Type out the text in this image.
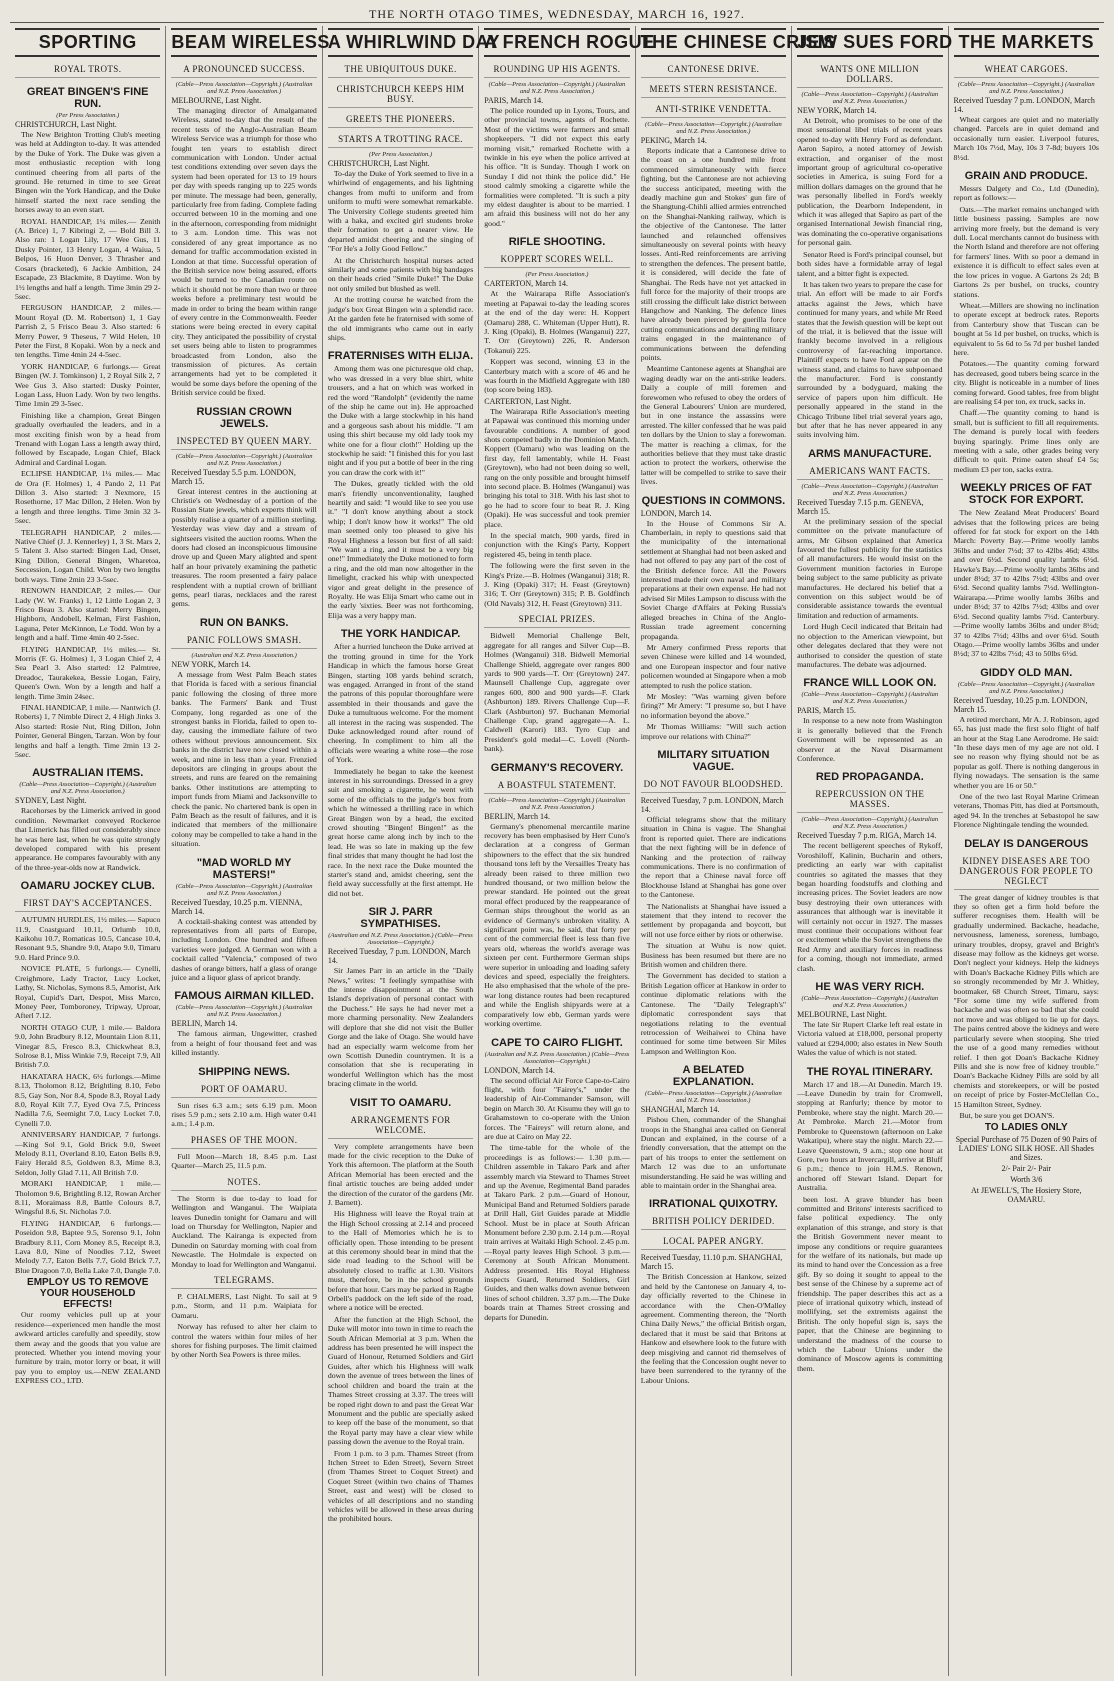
THE NORTH OTAGO TIMES, WEDNESDAY, MARCH 16, 1927.
SPORTING
ROYAL TROTS.
GREAT BINGEN'S FINE RUN.
(Per Press Association.)
CHRISTCHURCH, Last Night.

The New Brighton Trotting Club's meeting was held at Addington to-day. It was attended by the Duke of York. The Duke was given a most enthusiastic reception with long continued cheering from all parts of the ground. He returned in time to see Great Bingen win the York Handicap, and the Duke himself started the next race sending the horses away to an even start.

ROYAL HANDICAP, 1¼ miles.— Zenith (A. Brice) 1, 7 Kibringi 2, — Bold Bill 3. Also ran: 1 Logan Lily, 17 Wee Gus, 11 Dusky Pointer, 13 Henry Logan, 4 Waiua, 5 Belpos, 16 Huon Denver, 3 Thrasher and Cosars (bracketed), 6 Jackie Ambition, 24 Escapade, 23 Blackmite, 8 Daytime. Won by 1½ lengths and half a length. Time 3min 29 2-5sec.

FERGUSON HANDICAP, 2 miles.— Mount Royal (D. M. Robertson) 1, 1 Gay Parrish 2, 5 Frisco Beau 3. Also started: 6 Merry Power, 9 Theseus, 7 Wild Helen, 10 Peter the First, 8 Kopaki. Won by a neck and ten lengths. Time 4min 24 4-5sec.

YORK HANDICAP, 6 furlongs.— Great Bingen (W. J. Tomkinson) 1, 2 Royal Silk 2, 7 Wee Gus 3. Also started: Dusky Pointer, Logan Lass, Huon Lady. Won by two lengths. Time 1min 29 3-5sec.

Finishing like a champion, Great Bingen gradually overhauled the leaders, and in a most exciting finish won by a head from Trenand with Logan Lass a length away third, followed by Escapade, Logan Chief, Black Admiral and Cardinal Logan.

ECLIPSE HANDICAP, 1¼ miles.— Mac de Ora (F. Holmes) 1, 4 Pando 2, 11 Pat Dillon 3. Also started: 3 Nexmore, 15 Rosethorne, 17 Mac Dillon, 2 Helen. Won by a length and three lengths. Time 3min 32 3-5sec.

TELEGRAPH HANDICAP, 2 miles.— Native Chief (J. J. Kennerley) 1, 3 St. Mars 2, 5 Talent 3. Also started: Bingen Lad, Onset, King Dillon, General Bingen, Wharetoa, Seccession, Logan Child. Won by two lengths both ways. Time 2min 23 3-5sec.

RENOWN HANDICAP, 2 miles.— Our Lady (W. W. Franks) 1, 12 Little Logan 2, 3 Frisco Beau 3. Also started: Merry Bingen, Highborn, Andobell, Kelman, First Fashion, Laguna, Peter McKinnon, Le Todd. Won by a length and a half. Time 4min 40 2-5sec.

FLYING HANDICAP, 1½ miles.— St. Morris (F. G. Holmes) 1, 3 Logan Chief 2, 4 Sea Pearl 3. Also started: 12 Palmtree, Dreadoc, Taurakekea, Bessie Logan, Fairy, Queen's Own. Won by a length and half a length. Time 3min 24sec.

FINAL HANDICAP, 1 mile.— Nantwich (J. Roberts) 1, 7 Nimble Direct 2, 4 High Jinks 3. Also started: Rosie Nut, Ring Dillon, John Pointer, General Bingen, Tarzan. Won by four lengths and half a length. Time 2min 13 2-5sec.

AUSTRALIAN ITEMS.
(Cable—Press Association—Copyright.) (Australian and N.Z. Press Association.)
SYDNEY, Last Night.

Racehorses by the Limerick arrived in good condition. Newmarket conveyed Rockeroe that Limerick has filled out considerably since he was here last, when he was quite strongly developed compared with his present appearance. He compares favourably with any of the three-year-olds now at Randwick.

OAMARU JOCKEY CLUB.
FIRST DAY'S ACCEPTANCES.

AUTUMN HURDLES, 1½ miles.— Sapuco 11.9, Coastguard 10.11, Orlumb 10.0, Kaikohu 10.7, Romaticas 10.5, Cancase 10.4, Resonant 9.5, Shandre 9.0, Atapo 9.0, Timaru 9.0. Hard Prince 9.0.

NOVICE PLATE, 5 furlongs.— Cynelli, Creighmore, Lady Tractor, Lucy Locket, Lathy, St. Nicholas, Symons 8.5, Amorist, Ark Royal, Cupid's Dart, Despot, Miss Marco, Money Peer, Tomboroney, Tripway, Uproar, Afterl 7.12.

NORTH OTAGO CUP, 1 mile.— Baldora 9.0, John Bradbury 8.12, Mountain Lion 8.11, Vinegar 8.5, Fresco 8.3, Chickwheat 8.3, Solrose 8.1, Miss Winkie 7.9, Receipt 7.9, All British 7.0.

HAKATARA HACK, 6½ furlongs.—Mime 8.13, Tholomon 8.12, Brightling 8.10, Febo 8.5, Gay Son, Nor 8.4, Spode 8.3, Royal Lady 8.0, Royal Kilt 7.7, Eyed Ova 7.5, Princess Nadilla 7.6, Seemight 7.0, Lucy Locket 7.0, Cynelli 7.0.

ANNIVERSARY HANDICAP, 7 furlongs.—King Sol 9.1, Gold Brick 9.0, Sweet Melody 8.11, Overland 8.10, Eaton Bells 8.9, Fairy Herald 8.5, Goldwen 8.3, Mime 8.3, Seldon, Jolly Glad 7.11, All British 7.0.

MORAKI HANDICAP, 1 mile.— Tholomon 9.6, Brightling 8.12, Rowan Archer 8.11, Moraimass 8.8, Battle Colours 8.7, Wingsful 8.6, St. Nicholas 7.0.

FLYING HANDICAP, 6 furlongs.— Poseidon 9.8, Baptee 9.5, Sorenso 9.1, John Bradbury 8.11, Corn Money 8.5, Receipt 8.3, Lava 8.0, Nine of Noodles 7.12, Sweet Melody 7.7, Eaton Bells 7.7, Gold Brick 7.7, Blue Dragoon 7.0, Bella Lake 7.0, Dangle 7.0.

EMPLOY US TO REMOVE YOUR HOUSEHOLD EFFECTS!

Our roomy vehicles pull up at your residence—experienced men handle the most awkward articles carefully and speedily, stow them away and the goods that you value are protected. Whether you intend moving your furniture by train, motor lorry or boat, it will pay you to employ us.—NEW ZEALAND EXPRESS CO., LTD.

BEAM WIRELESS
A PRONOUNCED SUCCESS.
(Cable—Press Association—Copyright.) (Australian and N.Z. Press Association.)
MELBOURNE, Last Night.

The managing director of Amalgamated Wireless, stated to-day that the result of the recent tests of the Anglo-Australian Beam Wireless Service was a triumph for those who fought ten years to establish direct communication with London. Under actual test conditions extending over seven days the system had been operated for 13 to 19 hours per day with speeds ranging up to 225 words per minute. The message had been, generally, particularly free from fading. Complete fading occurred between 10 in the morning and one in the afternoon, corresponding from midnight to 3 a.m. London time. This was not considered of any great importance as no demand for traffic accommodation existed in London at that time. Successful operation of the British service now being assured, efforts would be turned to the Canadian route on which it should not be more than two or three weeks before a preliminary test would be made in order to bring the beam within range of every centre in the Commonwealth. Feeder stations were being erected in every capital city. They anticipated the possibility of crystal set users being able to listen to programmes broadcasted from London, also the transmission of pictures. As certain arrangements had yet to be completed it would be some days before the opening of the British service could be fixed.

RUSSIAN CROWN JEWELS.
INSPECTED BY QUEEN MARY.
(Cable—Press Association—Copyright.) (Australian and N.Z. Press Association.)
Received Tuesday 5.5 p.m. LONDON, March 15.

Great interest centres in the auctioning at Christie's on Wednesday of a portion of the Russian State jewels, which experts think will possibly realise a quarter of a million sterling. Yesterday was view day and a stream of sightseers visited the auction rooms. When the doors had closed an inconspicuous limousine drove up and Queen Mary alighted and spent half an hour privately examining the pathetic treasures. The room presented a fairy palace resplendent with a nuptial crown of brilliant gems, pearl tiaras, necklaces and the rarest gems.

RUN ON BANKS.
PANIC FOLLOWS SMASH.
(Australian and N.Z. Press Association.)
NEW YORK, March 14.

A message from West Palm Beach states that Florida is faced with a serious financial panic following the closing of three more banks. The Farmers' Bank and Trust Company, long regarded as one of the strongest banks in Florida, failed to open to-day, causing the immediate failure of two others without previous announcement. Six banks in the district have now closed within a week, and nine in less than a year. Frenzied depositors are clinging in groups about the streets, and runs are feared on the remaining banks. Other institutions are attempting to import funds from Miami and Jacksonville to check the panic. No chartered bank is open in Palm Beach as the result of failures, and it is indicated that members of the millionaire colony may be compelled to take a hand in the situation.

"MAD WORLD MY MASTERS!"
(Cable—Press Association—Copyright.) (Australian and N.Z. Press Association.)
Received Tuesday, 10.25 p.m. VIENNA, March 14.

A cocktail-shaking contest was attended by representatives from all parts of Europe, including London. One hundred and fifteen varieties were judged. A German won with a cocktail called "Valencia," composed of two dashes of orange bitters, half a glass of orange juice and a liquor glass of apricot brandy.

FAMOUS AIRMAN KILLED.
(Cable—Press Association—Copyright.) (Australian and N.Z. Press Association.)
BERLIN, March 14.

The famous airman, Ungewitter, crashed from a height of four thousand feet and was killed instantly.

SHIPPING NEWS.
PORT OF OAMARU.

Sun rises 6.3 a.m.; sets 6.19 p.m. Moon rises 5.9 p.m.; sets 2.10 a.m. High water 0.41 a.m.; 1.4 p.m.

PHASES OF THE MOON.

Full Moon—March 18, 8.45 p.m. Last Quarter—March 25, 11.5 p.m.

NOTES.

The Storm is due to-day to load for Wellington and Wanganui. The Waipiata leaves Dunedin tonight for Oamaru and will load on Thursday for Wellington, Napier and Auckland. The Kairanga is expected from Dunedin on Saturday morning with coal from Newcastle. The Holmdale is expected on Monday to load for Wellington and Wanganui.

TELEGRAMS.

P. CHALMERS, Last Night. To sail at 9 p.m., Storm, and 11 p.m. Waipiata for Oamaru.

Norway has refused to alter her claim to control the waters within four miles of her shores for fishing purposes. The limit claimed by other North Sea Powers is three miles.

A WHIRLWIND DAY
THE UBIQUITOUS DUKE.
CHRISTCHURCH KEEPS HIM BUSY.
GREETS THE PIONEERS.
STARTS A TROTTING RACE.
(Per Press Association.)
CHRISTCHURCH, Last Night.

To-day the Duke of York seemed to live in a whirlwind of engagements, and his lightning changes from mufti to uniform and from uniform to mufti were somewhat remarkable. The University College students greeted him with a haka, and excited girl students broke their formation to get a nearer view. He departed amidst cheering and the singing of "For He's a Jolly Good Fellow."

At the Christchurch hospital nurses acted similarly and some patients with big bandages on their heads cried "Smile Duke!" The Duke not only smiled but blushed as well.

At the trotting course he watched from the judge's box Great Bingen win a splendid race. At the garden fete he fraternised with some of the old immigrants who came out in early ships.

FRATERNISES WITH ELIJA.

Among them was one picturesque old chap, who was dressed in a very blue shirt, white trousers, and a hat on which was worked in red the word "Randolph" (evidently the name of the ship he came out in). He approached the Duke with a large stockwhip in his hand and a gorgeous sash about his middle. "I am using this shirt because my old lady took my white one for a flour cloth!" Holding up the stockwhip he said: "I finished this for you last night and if you put a bottle of beer in the ring you can draw the cork with it!"

The Dukes, greatly tickled with the old man's friendly unconventionality, laughed heartily and said: "I would like to see you use it." "I don't know anything about a stock whip; I don't know how it works!" The old man seemed only too pleased to give his Royal Highness a lesson but first of all said: "We want a ring, and it must be a very big one!" Immediately the Duke motioned to form a ring, and the old man now altogether in the limelight, cracked his whip with unexpected vigor and great delight in the presence of Royalty. He was Elija Smart who came out in the early 'sixties. Beer was not forthcoming, Elija was a very happy man.

THE YORK HANDICAP.

After a hurried luncheon the Duke arrived at the trotting ground in time for the York Handicap in which the famous horse Great Bingen, starting 108 yards behind scratch, was engaged. Arranged in front of the stand the patrons of this popular thoroughfare were assembled in their thousands and gave the Duke a tumultuous welcome. For the moment all interest in the racing was suspended. The Duke acknowledged round after round of cheering. In compliment to him all the officials were wearing a white rose—the rose of York.

Immediately he began to take the keenest interest in his surroundings. Dressed in a grey suit and smoking a cigarette, he went with some of the officials to the judge's box from which he witnessed a thrilling race in which Great Bingen won by a head, the excited crowd shouting "Bingen! Bingen!" as the great horse came along inch by inch to the lead. He was so late in making up the few final strides that many thought he had lost the race. In the next race the Duke mounted the starter's stand and, amidst cheering, sent the field away successfully at the first attempt. He did not bet.

SIR J. PARR SYMPATHISES.
(Australian and N.Z. Press Association.) (Cable—Press Association—Copyright.)
Received Tuesday, 7 p.m. LONDON, March 14.

Sir James Parr in an article in the "Daily News," writes: "I feelingly sympathise with the intense disappointment at the South Island's deprivation of personal contact with the Duchess." He says he had never met a more charming personality. New Zealanders will deplore that she did not visit the Buller Gorge and the lake of Otago. She would have had an especially warm welcome from her own Scottish Dunedin countrymen. It is a consolation that she is recuperating in wonderful Wellington which has the most bracing climate in the world.

VISIT TO OAMARU.
ARRANGEMENTS FOR WELCOME.

Very complete arrangements have been made for the civic reception to the Duke of York this afternoon. The platform at the South African Memorial has been erected and the final artistic touches are being added under the direction of the curator of the gardens (Mr. J. Barnett).

His Highness will leave the Royal train at the High School crossing at 2.14 and proceed to the Hall of Memories which he is to officially open. Those intending to be present at this ceremony should bear in mind that the side road leading to the School will be absolutely closed to traffic at 1.30. Visitors must, therefore, be in the school grounds before that hour. Cars may be parked in Ragbe Orbell's paddock on the left side of the road, where a notice will be erected.

After the function at the High School, the Duke will motor into town in time to reach the South African Memorial at 3 p.m. When the address has been presented he will inspect the Guard of Honour, Returned Soldiers and Girl Guides, after which his Highness will walk down the avenue of trees between the lines of school children and board the train at the Thames Street crossing at 3.37. The trees will be roped right down to and past the Great War Monument and the public are specially asked to keep off the base of the monument, so that the Royal party may have a clear view while passing down the avenue to the Royal train.

From 1 p.m. to 3 p.m. Thames Street (from Itchen Street to Eden Street), Severn Street (from Thames Street to Coquet Street) and Coquet Street (within two chains of Thames Street, east and west) will be closed to vehicles of all descriptions and no standing vehicles will be allowed in these areas during the prohibited hours.

A FRENCH ROGUE
ROUNDING UP HIS AGENTS.
(Cable—Press Association—Copyright.) (Australian and N.Z. Press Association.)
PARIS, March 14.

The police rounded up in Lyons, Tours, and other provincial towns, agents of Rochette. Most of the victims were farmers and small shopkeepers. "I did not expect this early morning visit," remarked Rochette with a twinkle in his eye when the police arrived at his office. "It is Sunday. Though I work on Sunday I did not think the police did." He stood calmly smoking a cigarette while the formalities were completed. "It is such a pity my eldest daughter is about to be married. I am afraid this business will not do her any good."

RIFLE SHOOTING.
KOPPERT SCORES WELL.
(Per Press Association.)
CARTERTON, March 14.

At the Wairarapa Rifle Association's meeting at Papawai to-day the leading scores at the end of the day were: H. Koppert (Oamaru) 288, C. Whiteman (Upper Hutt), R. J. King (Opaki), B. Holmes (Wanganui) 227, T. Orr (Greytown) 226, R. Anderson (Tokanui) 225.

Koppert was second, winning £3 in the Canterbury match with a score of 46 and he was fourth in the Midfield Aggregate with 180 (top score being 183).

CARTERTON, Last Night.

The Wairarapa Rifle Association's meeting at Papawai was continued this morning under favourable conditions. A number of good shots competed badly in the Dominion Match. Koppert (Oamaru) who was leading on the first day, fell lamentably, while H. Feast (Greytown), who had not been doing so well, rang on the only possible and brought himself into second place. B. Holmes (Wanganui) was bringing his total to 318. With his last shot to go he had to score four to beat R. J. King (Opaki). He was successful and took premier place.

In the special match, 900 yards, fired in conjunction with the King's Party, Koppert registered 45, being in tenth place.

The following were the first seven in the King's Prize.—B. Holmes (Wanganui) 318; R. J. King (Opaki) 317; H. Feast (Greytown) 316; T. Orr (Greytown) 315; P. B. Goldfinch (Old Navals) 312, H. Feast (Greytown) 311.

SPECIAL PRIZES.

Bidwell Memorial Challenge Belt, aggregate for all ranges and Silver Cup—B. Holmes (Wanganui) 318. Bidwell Memorial Challenge Shield, aggregate over ranges 800 yards to 900 yards—T. Orr (Greytown) 247. Maunsell Challenge Cup, aggregate over ranges 600, 800 and 900 yards—F. Clark (Ashburton) 189. Rivers Challenge Cup—F. Clark (Ashburton) 97. Buchanan Memorial Challenge Cup, grand aggregate—A. L. Caldwell (Karori) 183. Tyro Cup and President's gold medal—C. Lovell (North-bank).

GERMANY'S RECOVERY.
A BOASTFUL STATEMENT.
(Cable—Press Association—Copyright.) (Australian and N.Z. Press Association.)
BERLIN, March 14.

Germany's phenomenal mercantile marine recovery has been emphasised by Herr Cuno's declaration at a congress of German shipowners to the effect that the six hundred thousand tons left by the Versailles Treaty has already been raised to three million two hundred thousand, or two million below the prewar standard. He pointed out the great moral effect produced by the reappearance of German ships throughout the world as an evidence of Germany's unbroken vitality. A significant point was, he said, that forty per cent of the commercial fleet is less than five years old, whereas the world's average was sixteen per cent. Furthermore German ships were superior in unloading and loading safety devices and speed, especially the freighters. He also emphasised that the whole of the pre-war long distance routes had been recaptured and while the English shipyards were at a comparatively low ebb, German yards were working overtime.

CAPE TO CAIRO FLIGHT.
(Australian and N.Z. Press Association.) (Cable—Press Association—Copyright.)
LONDON, March 14.

The second official Air Force Cape-to-Cairo flight, with four "Fairey's," under the leadership of Air-Commander Samson, will begin on March 30. At Kisumu they will go to Grahamstown to co-operate with the Union forces. The "Faireys" will return alone, and are due at Cairo on May 22.

The time-table for the whole of the proceedings is as follows:— 1.30 p.m.—Children assemble in Takaro Park and after assembly march via Steward to Thames Street and up the Avenue, Regimental Band parades at Takaro Park. 2 p.m.—Guard of Honour, Municipal Band and Returned Soldiers parade at Drill Hall, Girl Guides parade at Middle School. Must be in place at South African Monument before 2.30 p.m. 2.14 p.m.—Royal train arrives at Waitaki High School. 2.45 p.m.—Royal party leaves High School. 3 p.m.—Ceremony at South African Monument. Address presented. His Royal Highness inspects Guard, Returned Soldiers, Girl Guides, and then walks down avenue between lines of school children. 3.37 p.m.—The Duke boards train at Thames Street crossing and departs for Dunedin.

THE CHINESE CRISIS
CANTONESE DRIVE.
MEETS STERN RESISTANCE.
ANTI-STRIKE VENDETTA.
(Cable—Press Association—Copyright.) (Australian and N.Z. Press Association.)
PEKING, March 14.

Reports indicate that a Cantonese drive to the coast on a one hundred mile front commenced simultaneously with fierce fighting, but the Cantonese are not achieving the success anticipated, meeting with the deadly machine gun and Stokes' gun fire of the Shangtung-Chihli allied armies entrenched on the Shanghai-Nanking railway, which is the objective of the Cantonese. The latter launched and relaunched offensives simultaneously on several points with heavy losses. Anti-Red reinforcements are arriving to strengthen the defences. The present battle, it is considered, will decide the fate of Shanghai. The Reds have not yet attacked in full force for the majority of their troops are still crossing the difficult lake district between Hangchow and Nanking. The defence lines have already been pierced by guerilla force cutting communications and derailing military trains engaged in the maintenance of communications between the defending points.

Meantime Cantonese agents at Shanghai are waging deadly war on the anti-strike leaders. Daily a couple of mill foremen and forewomen who refused to obey the orders of the General Labourers' Union are murdered, but in one instance the assassins were arrested. The killer confessed that he was paid ten dollars by the Union to slay a forewoman. The matter is reaching a climax, for the authorities believe that they must take drastic action to protect the workers, otherwise the latter will be compelled to strike to save their lives.

QUESTIONS IN COMMONS.
LONDON, March 14.

In the House of Commons Sir A. Chamberlain, in reply to questions said that the municipality of the international settlement at Shanghai had not been asked and had not offered to pay any part of the cost of the British defence force. All the Powers interested made their own naval and military preparations at their own expense. He had not advised Sir Miles Lampson to discuss with the Soviet Charge d'Affairs at Peking Russia's alleged breaches in China of the Anglo-Russian trade agreement concerning propaganda.

Mr Amery confirmed Press reports that seven Chinese were killed and 14 wounded, and one European inspector and four native policemen wounded at Singapore when a mob attempted to rush the police station.

Mr Mosley: "Was warning given before firing?" Mr Amery: "I presume so, but I have no information beyond the above."

Mr Thomas Williams: "Will such action improve our relations with China?"

MILITARY SITUATION VAGUE.
DO NOT FAVOUR BLOODSHED.
Received Tuesday, 7 p.m. LONDON, March 14.

Official telegrams show that the military situation in China is vague. The Shanghai front is reported quiet. There are indications that the next fighting will be in defence of Nanking and the protection of railway communications. There is no confirmation of the report that a Chinese naval force off Blockhouse Island at Shanghai has gone over to the Cantonese.

The Nationalists at Shanghai have issued a statement that they intend to recover the settlement by propaganda and boycott, but will not use force either by riots or otherwise.

The situation at Wuhu is now quiet. Business has been resumed but there are no British women and children there.

The Government has decided to station a British Legation officer at Hankow in order to continue diplomatic relations with the Cantonese. The "Daily Telegraph's" diplomatic correspondent says that negotiations relating to the eventual retrocession of Weihaiwei to China have continued for some time between Sir Miles Lampson and Wellington Koo.

A BELATED EXPLANATION.
(Cable—Press Association—Copyright.) (Australian and N.Z. Press Association.)
SHANGHAI, March 14.

Pishou Chen, commander of the Shanghai troops in the Shanghai area called on General Duncan and explained, in the course of a friendly conversation, that the attempt on the part of his troops to enter the settlement on March 12 was due to an unfortunate misunderstanding. He said he was willing and able to maintain order in the Shanghai area.

IRRATIONAL QUIXOTRY.
BRITISH POLICY DERIDED.
LOCAL PAPER ANGRY.
Received Tuesday, 11.10 p.m. SHANGHAI, March 15.

The British Concession at Hankow, seized and held by the Cantonese on January 4, to-day officially reverted to the Chinese in accordance with the Chen-O'Malley agreement. Commenting thereon, the "North China Daily News," the official British organ, declared that it must be said that Britons at Hankow and elsewhere look to the future with deep misgiving and cannot rid themselves of the feeling that the Concession ought never to have been surrendered to the tyranny of the Labour Unions.

JEW SUES FORD
WANTS ONE MILLION DOLLARS.
(Cable—Press Association—Copyright.) (Australian and N.Z. Press Association.)
NEW YORK, March 14.

At Detroit, who promises to be one of the most sensational libel trials of recent years opened to-day with Henry Ford as defendant. Aaron Sapiro, a noted attorney of Jewish extraction, and organiser of the most important group of agricultural co-operative societies in America, is suing Ford for a million dollars damages on the ground that he was personally libelled in Ford's weekly publication, the Dearborn Independent, in which it was alleged that Sapiro as part of the organised International Jewish financial ring, was dominating the co-operative organisations for personal gain.

Senator Reed is Ford's principal counsel, but both sides have a formidable array of legal talent, and a bitter fight is expected.

It has taken two years to prepare the case for trial. An effort will be made to air Ford's attacks against the Jews, which have continued for many years, and while Mr Reed states that the Jewish question will be kept out of the trial, it is believed that the issue will frankly become involved in a religious controversy of far-reaching importance. Plaintiff expects to have Ford appear on the witness stand, and claims to have subpoenaed the manufacturer. Ford is constantly surrounded by a bodyguard, making the service of papers upon him difficult. He personally appeared in the stand in the Chicago Tribune libel trial several years ago, but after that he has never appeared in any suits involving him.

ARMS MANUFACTURE.
AMERICANS WANT FACTS.
(Cable—Press Association—Copyright.) (Australian and N.Z. Press Association.)
Received Tuesday 7.15 p.m. GENEVA, March 15.

At the preliminary session of the special committee on the private manufacture of arms, Mr Gibson explained that America favoured the fullest publicity for the statistics of all manufacturers. He would insist on the Government munition factories in Europe being subject to the same publicity as private manufactures. He declared his belief that a convention on this subject would be of considerable assistance towards the eventual limitation and reduction of armaments.

Lord Hugh Cecil indicated that Britain had no objection to the American viewpoint, but other delegates declared that they were not authorised to consider the question of state manufactures. The debate was adjourned.

FRANCE WILL LOOK ON.
(Cable—Press Association—Copyright.) (Australian and N.Z. Press Association.)
PARIS, March 15.

In response to a new note from Washington it is generally believed that the French Government will be represented as an observer at the Naval Disarmament Conference.

RED PROPAGANDA.
REPERCUSSION ON THE MASSES.
(Cable—Press Association—Copyright.) (Australian and N.Z. Press Association.)
Received Tuesday 7 p.m. RIGA, March 14.

The recent belligerent speeches of Rykoff, Voroshiloff, Kalinin, Bucharin and others, predicting an early war with capitalist countries so agitated the masses that they began hoarding foodstuffs and clothing and increasing prices. The Soviet leaders are now busy destroying their own utterances with assurances that although war is inevitable it will certainly not occur in 1927. The masses must continue their occupations without fear or excitement while the Soviet strengthens the Red Army and auxiliary forces in readiness for a coming, though not immediate, armed clash.

HE WAS VERY RICH.
(Cable—Press Association—Copyright.) (Australian and N.Z. Press Association.)
MELBOURNE, Last Night.

The late Sir Rupert Clarke left real estate in Victoria valued at £18,000, personal property valued at £294,000; also estates in New South Wales the value of which is not stated.

THE ROYAL ITINERARY.

March 17 and 18.—At Dunedin. March 19.—Leave Dunedin by train for Cromwell, stopping at Ranfurly; thence by motor to Pembroke, where stay the night. March 20.—At Pembroke. March 21.—Motor from Pembroke to Queenstown (afternoon on Lake Wakatipu), where stay the night. March 22.—Leave Queenstown, 9 a.m.; stop one hour at Gore, two hours at Invercargill, arrive at Bluff 6 p.m.; thence to join H.M.S. Renown, anchored off Stewart Island. Depart for Australia.

been lost. A grave blunder has been committed and Britons' interests sacrificed to false political expediency. The only explanation of this strange, and story is that the British Government never meant to impose any conditions or require guarantees for the welfare of its nationals, but made up its mind to hand over the Concession as a free gift. By so doing it sought to appeal to the best sense of the Chinese by a supreme act of friendship. The paper describes this act as a piece of irrational quixotry which, instead of mollifying, set the extremists against the British. The only hopeful sign is, says the paper, that the Chinese are beginning to understand the madness of the course to which the Labour Unions under the dominance of Moscow agents is committing them.

THE MARKETS
WHEAT CARGOES.
(Cable—Press Association—Copyright.) (Australian and N.Z. Press Association.)
Received Tuesday 7 p.m. LONDON, March 14.

Wheat cargoes are quiet and no materially changed. Parcels are in quiet demand and occasionally turn easier. Liverpool futures, March 10s 7½d, May, 10s 3 7-8d; buyers 10s 8½d.

GRAIN AND PRODUCE.

Messrs Dalgety and Co., Ltd (Dunedin), report as follows:—

Oats.—The market remains unchanged with little business passing. Samples are now arriving more freely, but the demand is very dull. Local merchants cannot do business with the North Island and therefore are not offering for farmers' lines. With so poor a demand in existence it is difficult to effect sales even at the low prices in vogue. A Gartons 2s 2d; B Gartons 2s per bushel, on trucks, country stations.

Wheat.—Millers are showing no inclination to operate except at bedrock rates. Reports from Canterbury show that Tuscan can be bought at 5s 1d per bushel, on trucks, which is equivalent to 5s 6d to 5s 7d per bushel landed here.

Potatoes.—The quantity coming forward has decreased, good tubers being scarce in the city. Blight is noticeable in a number of lines coming forward. Good tables, free from blight are realising £4 per ton, ex truck, sacks in.

Chaff.—The quantity coming to hand is small, but is sufficient to fill all requirements. The demand is purely local with feeders buying sparingly. Prime lines only are meeting with a sale, other grades being very difficult to quit. Prime oaten sheaf £4 5s; medium £3 per ton, sacks extra.

WEEKLY PRICES OF FAT STOCK FOR EXPORT.

The New Zealand Meat Producers' Board advises that the following prices are being offered for fat stock for export on the 14th March: Poverty Bay.—Prime woolly lambs 36lbs and under 7½d; 37 to 42lbs 46d; 43lbs and over 6½d. Second quality lambs 6½d. Hawke's Bay.—Prime woolly lambs 36lbs and under 8½d; 37 to 42lbs 7½d; 43lbs and over 6½d. Second quality lambs 7½d. Wellington-Wairarapa.—Prime woolly lambs 36lbs and under 8½d; 37 to 42lbs 7½d; 43lbs and over 6½d. Second quality lambs 7½d. Canterbury.—Prime woolly lambs 36lbs and under 8½d; 37 to 42lbs 7½d; 43lbs and over 6½d. South Otago.—Prime woolly lambs 36lbs and under 8½d; 37 to 42lbs 7½d; 43 to 50lbs 6½d.

GIDDY OLD MAN.
(Cable—Press Association—Copyright.) (Australian and N.Z. Press Association.)
Received Tuesday, 10.25 p.m. LONDON, March 15.

A retired merchant, Mr A. J. Robinson, aged 65, has just made the first solo flight of half an hour at the Stag Lane Aerodrome. He said: "In these days men of my age are not old. I see no reason why flying should not be as popular as golf. There is nothing dangerous in flying nowadays. The sensation is the same whether you are 16 or 50."

One of the two last Royal Marine Crimean veterans, Thomas Pitt, has died at Portsmouth, aged 94. In the trenches at Sebastopol he saw Florence Nightingale tending the wounded.

DELAY IS DANGEROUS
KIDNEY DISEASES ARE TOO DANGEROUS FOR PEOPLE TO NEGLECT

The great danger of kidney troubles is that they so often get a firm hold before the sufferer recognises them. Health will be gradually undermined. Backache, headache, nervousness, lameness, soreness, lumbago, urinary troubles, dropsy, gravel and Bright's disease may follow as the kidneys get worse. Don't neglect your kidneys. Help the kidneys with Doan's Backache Kidney Pills which are so strongly recommended by Mr J. Whitley, bootmaker, 68 Church Street, Timaru, says: "For some time my wife suffered from backache and was often so bad that she could not move and was obliged to lie up for days. The pains centred above the kidneys and were particularly severe when stooping. She tried the use of a good many remedies without relief. I then got Doan's Backache Kidney Pills and she is now free of kidney trouble." Doan's Backache Kidney Pills are sold by all chemists and storekeepers, or will be posted on receipt of price by Foster-McClellan Co., 15 Hamilton Street, Sydney.

But, be sure you get DOAN'S.

TO LADIES ONLY
Special Purchase of 75 Dozen of 90 Pairs of LADIES' LONG SILK HOSE. All Shades and Sizes.
2/- Pair 2/- Pair
Worth 3/6
At JEWELL'S, The Hosiery Store, OAMARU.
